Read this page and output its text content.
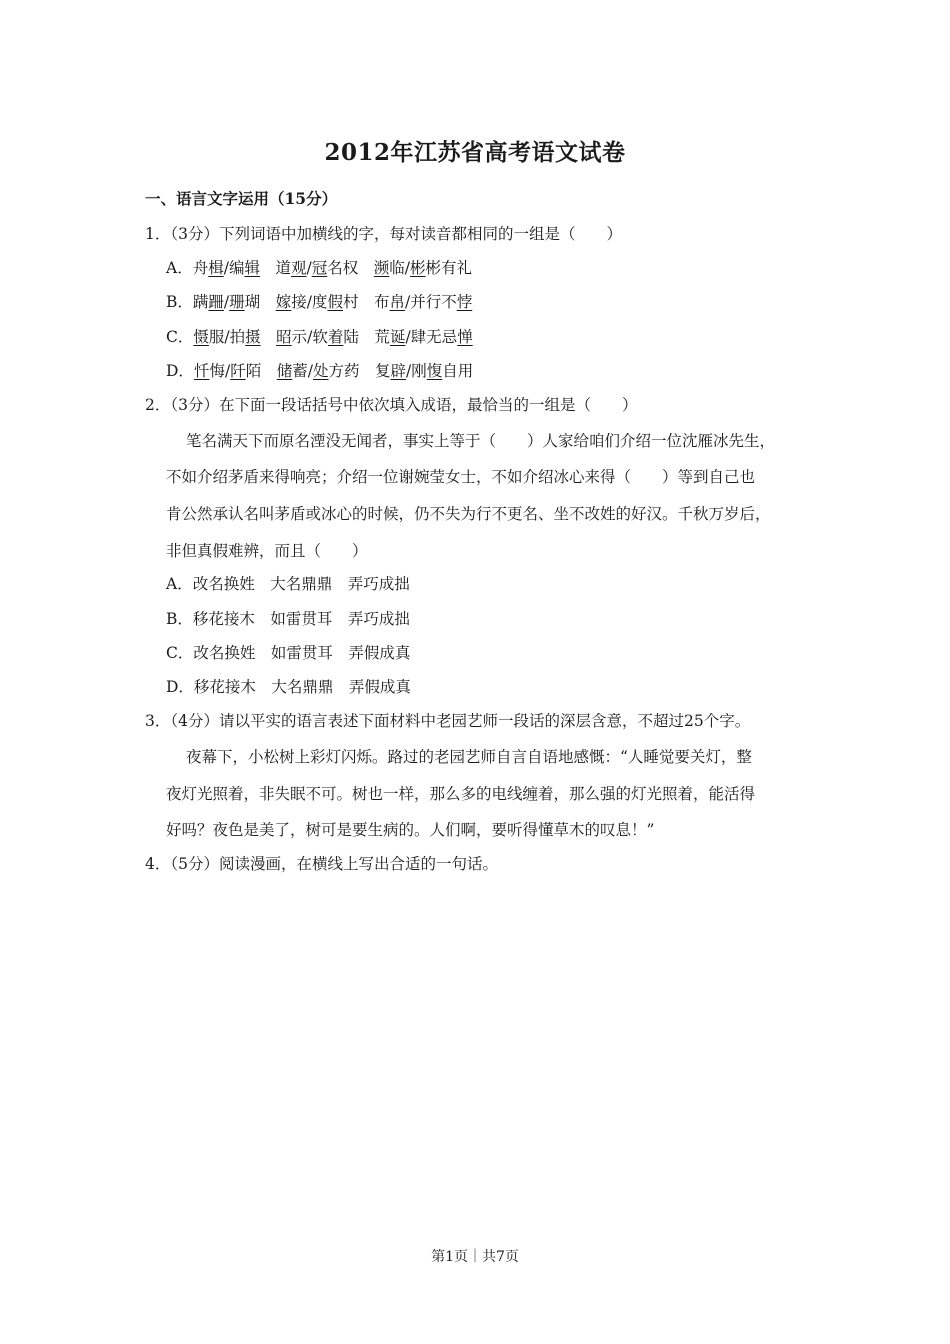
2012年江苏省高考语文试卷
一、语言文字运用（15分）
1．（3分）下列词语中加横线的字，每对读音都相同的一组是（　　）
A．舟楫/编辑　道观/冠名权　濒临/彬彬有礼
B．蹒跚/珊瑚　嫁接/度假村　布帛/并行不悖
C．慑服/拍摄　 昭示/软着陆　荒诞/肆无忌惮
D．忏悔/阡陌　储蓄/处方药　复辟/刚愎自用
2．（3分）在下面一段话括号中依次填入成语，最恰当的一组是（　　）
笔名满天下而原名湮没无闻者，事实上等于（　　）人家给咱们介绍一位沈雁冰先生，
不如介绍茅盾来得响亮；介绍一位谢婉莹女士，不如介绍冰心来得（　　）等到自己也
肯公然承认名叫茅盾或冰心的时候，仍不失为行不更名、坐不改姓的好汉。千秋万岁后，
非但真假难辨，而且（　　）
A．改名换姓　大名鼎鼎　弄巧成拙
B．移花接木　如雷贯耳　弄巧成拙
C．改名换姓　如雷贯耳　弄假成真
D．移花接木　大名鼎鼎　弄假成真
3．（4分）请以平实的语言表述下面材料中老园艺师一段话的深层含意，不超过25个字。
夜幕下，小松树上彩灯闪烁。路过的老园艺师自言自语地感慨：“人睡觉要关灯，整
夜灯光照着，非失眠不可。树也一样，那么多的电线缠着，那么强的灯光照着，能活得
好吗？夜色是美了，树可是要生病的。人们啊，要听得懂草木的叹息！”
4．（5分）阅读漫画，在横线上写出合适的一句话。
第1页｜共7页
